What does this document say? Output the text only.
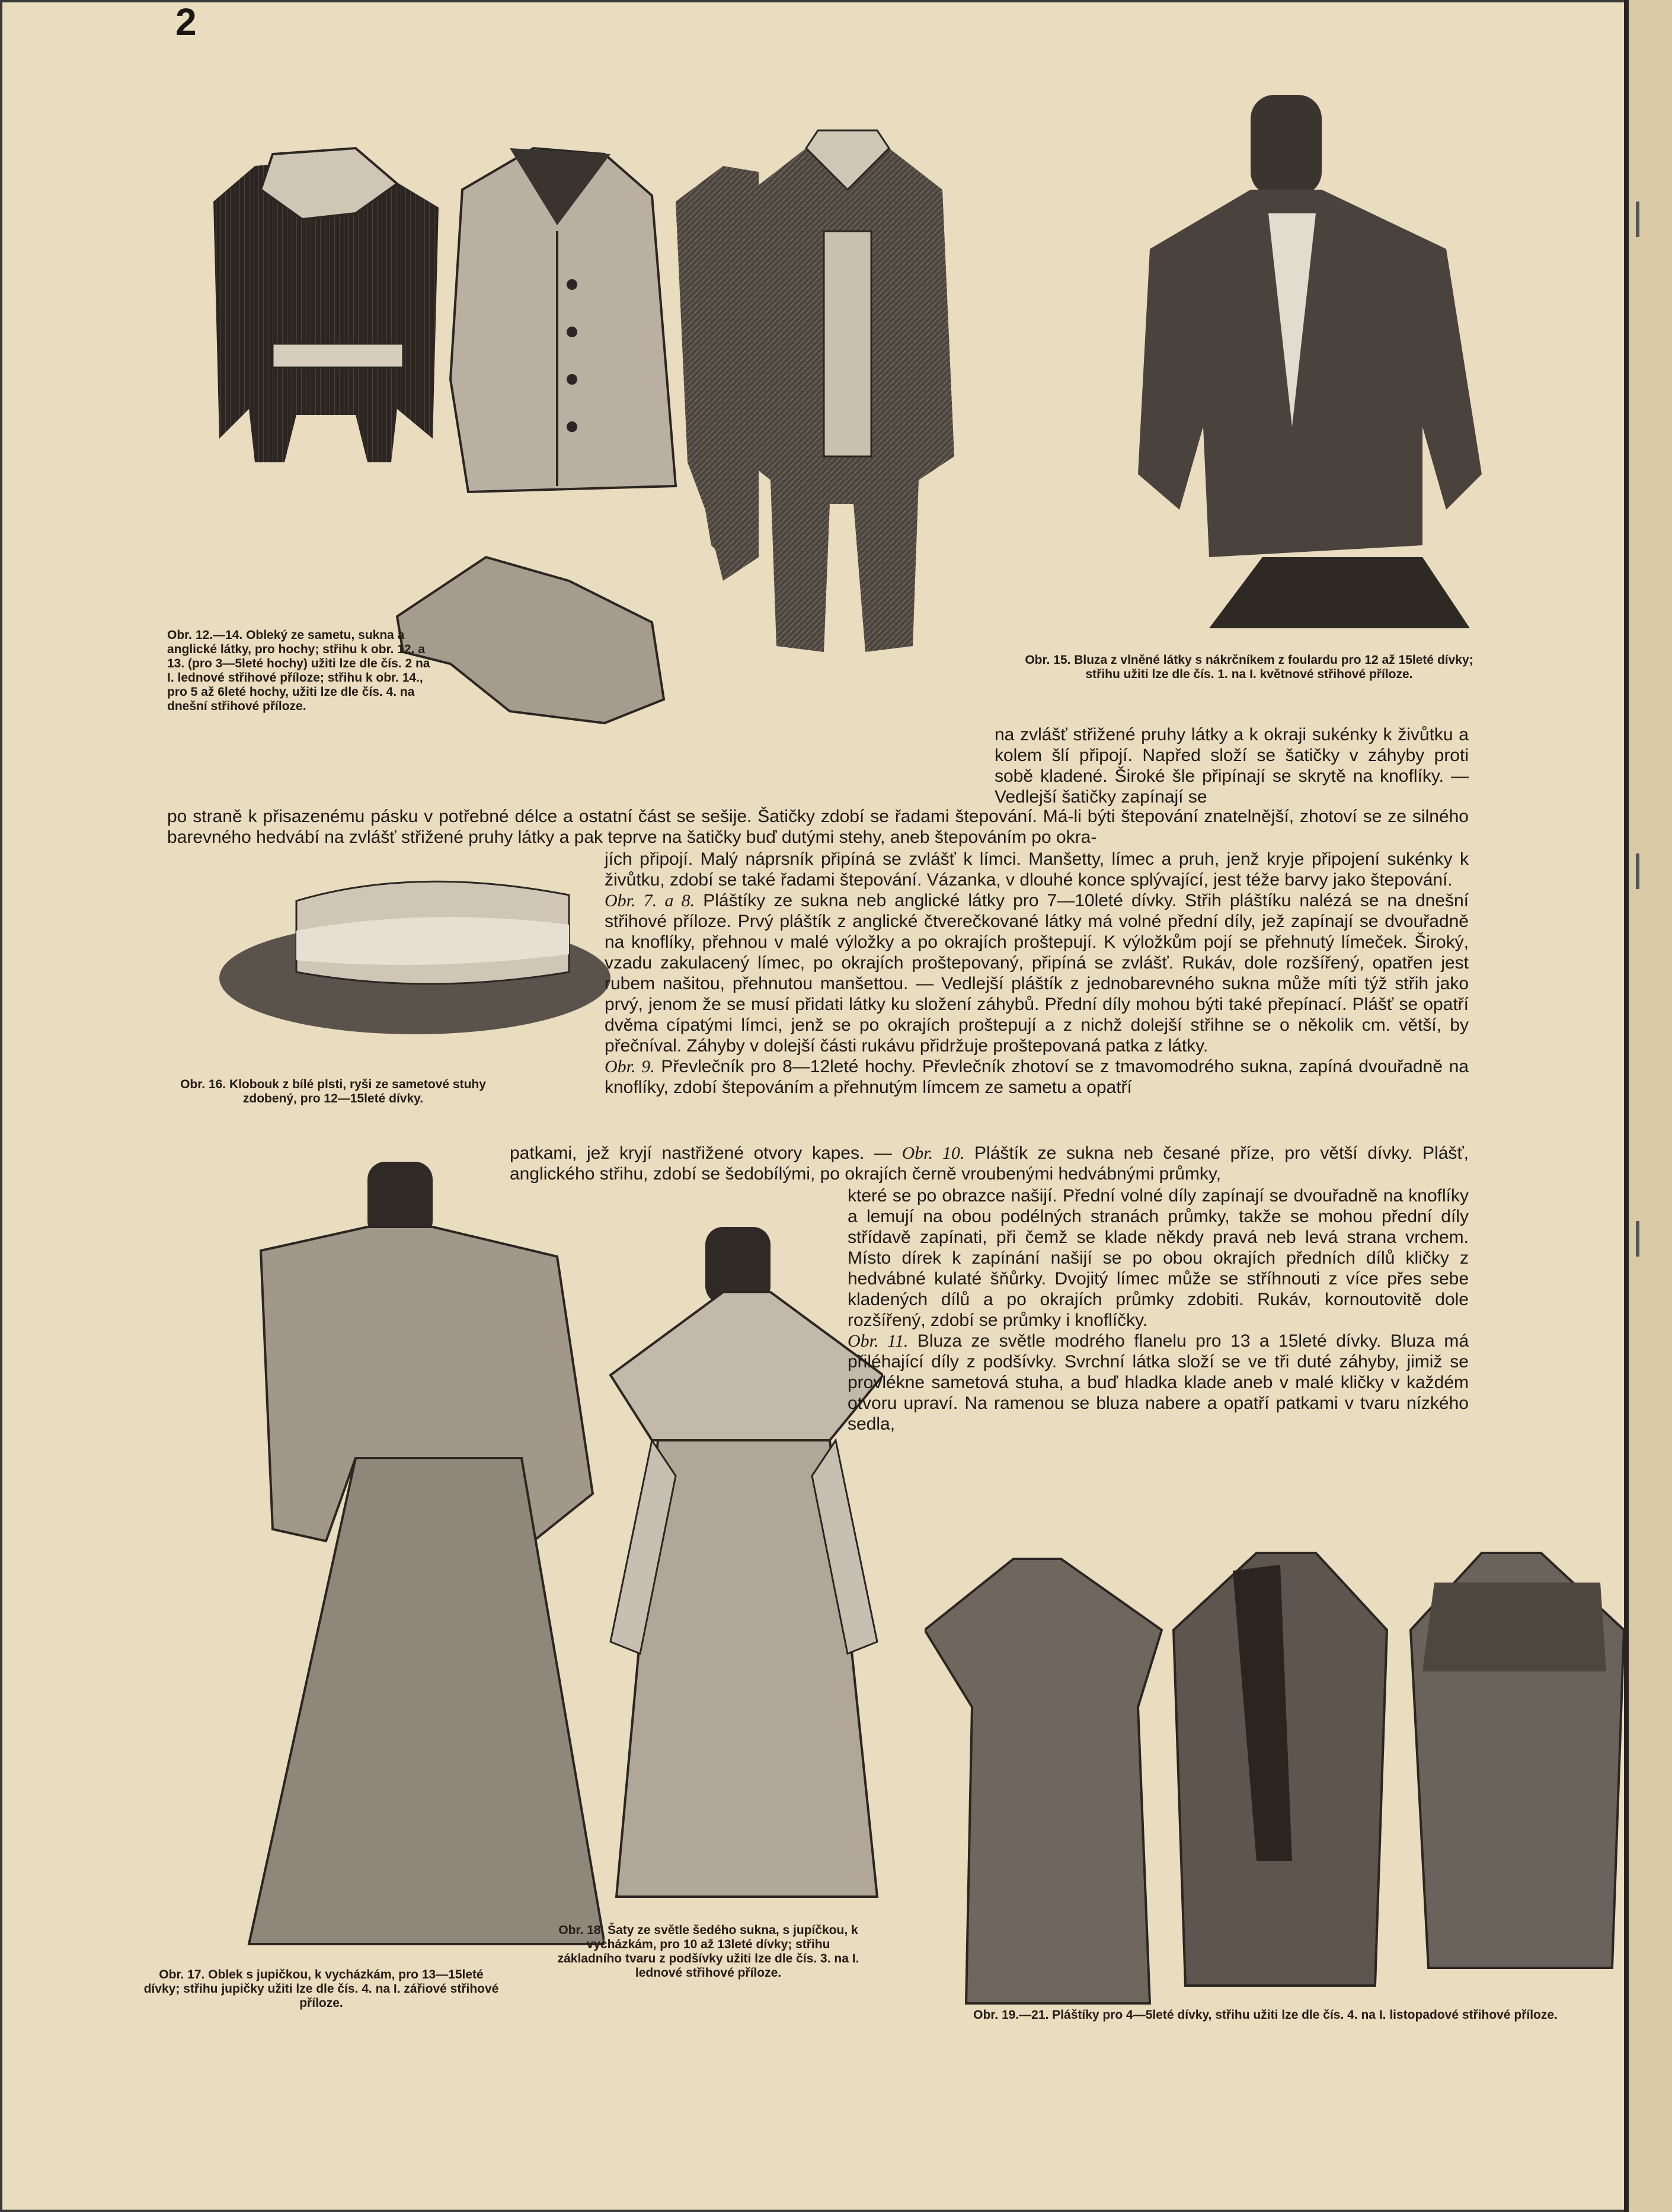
2
Obr. 12.—14. Obleký ze sametu, sukna a anglické látky, pro hochy; střihu k obr. 12. a 13. (pro 3—5leté hochy) užiti lze dle čís. 2 na I. lednové střihové příloze; střihu k obr. 14., pro 5 až 6leté hochy, užiti lze dle čís. 4. na dnešní střihové příloze.
Obr. 15. Bluza z vlněné látky s nákrčníkem z foulardu pro 12 až 15leté dívky; střihu užiti lze dle čís. 1. na I. květnové střihové příloze.
Obr. 16. Klobouk z bílé plsti, ryši ze sametové stuhy zdobený, pro 12—15leté dívky.
Obr. 17. Oblek s jupičkou, k vycházkám, pro 13—15leté dívky; střihu jupičky užiti lze dle čís. 4. na I. zářiové střihové příloze.
Obr. 18. Šaty ze světle šedého sukna, s jupíčkou, k vycházkám, pro 10 až 13leté dívky; střihu základního tvaru z podšívky užiti lze dle čís. 3. na I. lednové střihové příloze.
Obr. 19.—21. Pláštíky pro 4—5leté dívky, střihu užiti lze dle čís. 4. na I. listopadové střihové příloze.

na zvlášť střižené pruhy látky a k okraji sukénky k živůtku a kolem šlí připojí. Napřed složí se šatičky v záhyby proti sobě kladené. Široké šle připínají se skrytě na knoflíky. — Vedlejší šatičky zapínají se

po straně k přisazenému pásku v potřebné délce a ostatní část se sešije. Šatičky zdobí se řadami štepování. Má-li býti štepování znatelnější, zhotoví se ze silného barevného hedvábí na zvlášť střižené pruhy látky a pak teprve na šatičky buď dutými stehy, aneb štepováním po okra-

jích připojí. Malý náprsník připíná se zvlášť k límci. Manšetty, límec a pruh, jenž kryje připojení sukénky k živůtku, zdobí se také řadami štepování. Vázanka, v dlouhé konce splývající, jest téže barvy jako štepování.

Obr. 7. a 8. Pláštíky ze sukna neb anglické látky pro 7—10leté dívky. Střih pláštíku nalézá se na dnešní střihové příloze. Prvý pláštík z anglické čtverečkované látky má volné přední díly, jež zapínají se dvouřadně na knoflíky, přehnou v malé výložky a po okrajích proštepují. K výložkům pojí se přehnutý límeček. Široký, vzadu zakulacený límec, po okrajích proštepovaný, připíná se zvlášť. Rukáv, dole rozšířený, opatřen jest rubem našitou, přehnutou manšettou. — Vedlejší pláštík z jednobarevného sukna může míti týž střih jako prvý, jenom že se musí přidati látky ku složení záhybů. Přední díly mohou býti také přepínací. Plášť se opatří dvěma cípatými límci, jenž se po okrajích proštepují a z nichž dolejší střihne se o několik cm. větší, by přečníval. Záhyby v dolejší části rukávu přidržuje proštepovaná patka z látky.

Obr. 9. Převlečník pro 8—12leté hochy. Převlečník zhotoví se z tmavomodrého sukna, zapíná dvouřadně na knoflíky, zdobí štepováním a přehnutým límcem ze sametu a opatří

patkami, jež kryjí nastřižené otvory kapes. — Obr. 10. Pláštík ze sukna neb česané příze, pro větší dívky. Plášť, anglického střihu, zdobí se šedobílými, po okrajích černě vroubenými hedvábnými průmky,

které se po obrazce našijí. Přední volné díly zapínají se dvouřadně na knoflíky a lemují na obou podélných stranách průmky, takže se mohou přední díly střídavě zapínati, při čemž se klade někdy pravá neb levá strana vrchem. Místo dírek k zapínání našijí se po obou okrajích předních dílů kličky z hedvábné kulaté šňůrky. Dvojitý límec může se stříhnouti z více přes sebe kladených dílů a po okrajích průmky zdobiti. Rukáv, kornoutovitě dole rozšířený, zdobí se průmky i knoflíčky.

Obr. 11. Bluza ze světle modrého flanelu pro 13 a 15leté dívky. Bluza má přiléhající díly z podšívky. Svrchní látka složí se ve tři duté záhyby, jimiž se provlékne sametová stuha, a buď hladka klade aneb v malé kličky v každém otvoru upraví. Na ramenou se bluza nabere a opatří patkami v tvaru nízkého sedla,
